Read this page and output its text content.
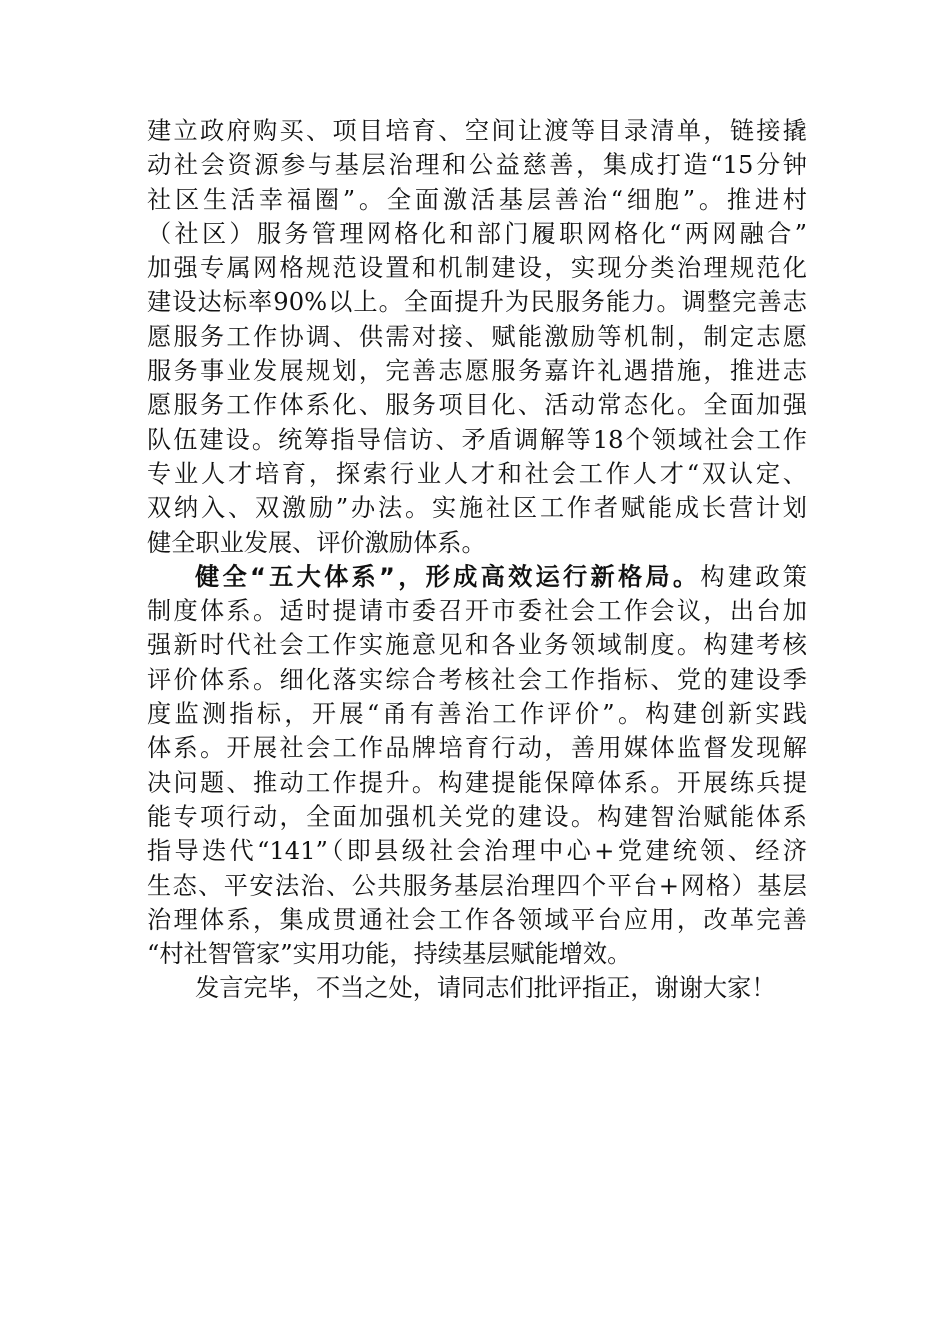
建立政府购买、项目培育、空间让渡等目录清单，链接撬
动社会资源参与基层治理和公益慈善，集成打造“15分钟
社区生活幸福圈”。全面激活基层善治“细胞”。推进村
（社区）服务管理网格化和部门履职网格化“两网融合”
加强专属网格规范设置和机制建设，实现分类治理规范化
建设达标率90%以上。全面提升为民服务能力。调整完善志
愿服务工作协调、供需对接、赋能激励等机制，制定志愿
服务事业发展规划，完善志愿服务嘉许礼遇措施，推进志
愿服务工作体系化、服务项目化、活动常态化。全面加强
队伍建设。统筹指导信访、矛盾调解等18个领域社会工作
专业人才培育，探索行业人才和社会工作人才“双认定、
双纳入、双激励”办法。实施社区工作者赋能成长营计划
健全职业发展、评价激励体系。
健全“五大体系”，形成高效运行新格局。构建政策
制度体系。适时提请市委召开市委社会工作会议，出台加
强新时代社会工作实施意见和各业务领域制度。构建考核
评价体系。细化落实综合考核社会工作指标、党的建设季
度监测指标，开展“甬有善治工作评价”。构建创新实践
体系。开展社会工作品牌培育行动，善用媒体监督发现解
决问题、推动工作提升。构建提能保障体系。开展练兵提
能专项行动，全面加强机关党的建设。构建智治赋能体系
指导迭代“141”（即县级社会治理中心+党建统领、经济
生态、平安法治、公共服务基层治理四个平台+网格）基层
治理体系，集成贯通社会工作各领域平台应用，改革完善
“村社智管家”实用功能，持续基层赋能增效。
发言完毕，不当之处，请同志们批评指正，谢谢大家！
